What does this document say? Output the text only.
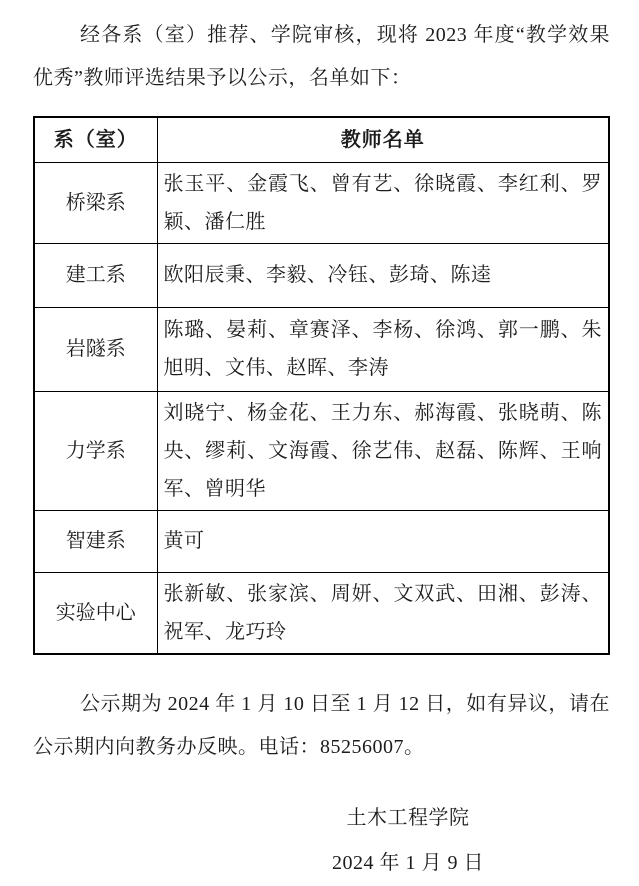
经各系（室）推荐、学院审核，现将 2023 年度“教学效果优秀”教师评选结果予以公示，名单如下：

系（室）	教师名单
桥梁系	张玉平、金霞飞、曾有艺、徐晓霞、李红利、罗颖、潘仁胜
建工系	欧阳辰秉、李毅、冷钰、彭琦、陈逵
岩隧系	陈璐、晏莉、章赛泽、李杨、徐鸿、郭一鹏、朱旭明、文伟、赵晖、李涛
力学系	刘晓宁、杨金花、王力东、郝海霞、张晓萌、陈央、缪莉、文海霞、徐艺伟、赵磊、陈辉、王响军、曾明华
智建系	黄可
实验中心	张新敏、张家滨、周妍、文双武、田湘、彭涛、祝军、龙巧玲

公示期为 2024 年 1 月 10 日至 1 月 12 日，如有异议，请在公示期内向教务办反映。电话：85256007。

土木工程学院
2024 年 1 月 9 日
